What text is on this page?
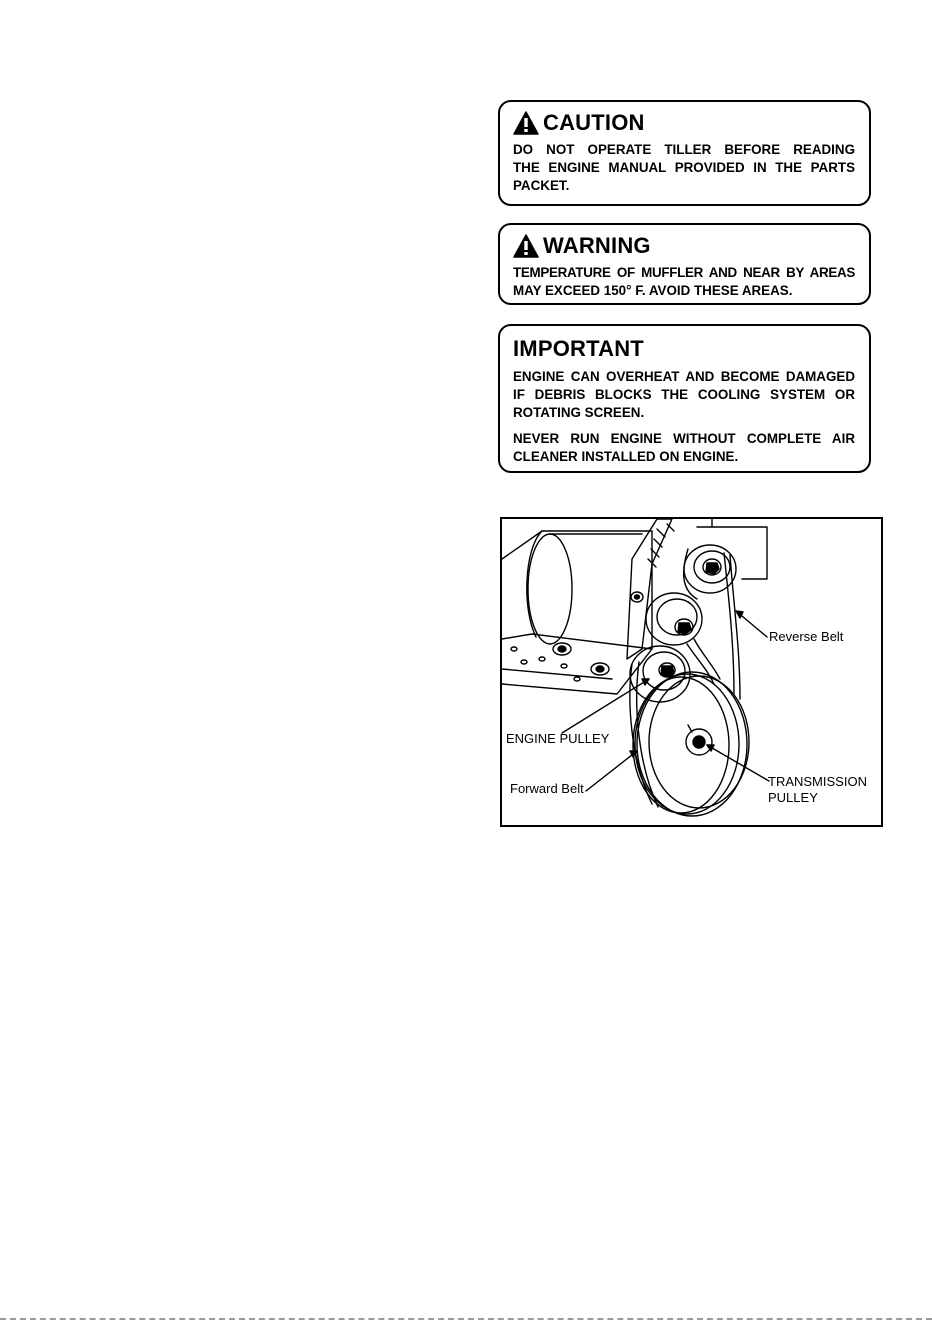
CAUTION
DO NOT OPERATE TILLER BEFORE READING
THE ENGINE MANUAL PROVIDED IN THE PARTS
PACKET.
WARNING
TEMPERATURE OF MUFFLER AND NEAR BY AREAS
MAY EXCEED 150° F. AVOID THESE AREAS.
IMPORTANT

ENGINE CAN OVERHEAT AND BECOME DAMAGED
IF DEBRIS BLOCKS THE COOLING SYSTEM OR
ROTATING SCREEN.

NEVER RUN ENGINE WITHOUT COMPLETE AIR
CLEANER INSTALLED ON ENGINE.

Reverse Belt
ENGINE PULLEY
Forward Belt	TRANSMISSION
PULLEY
